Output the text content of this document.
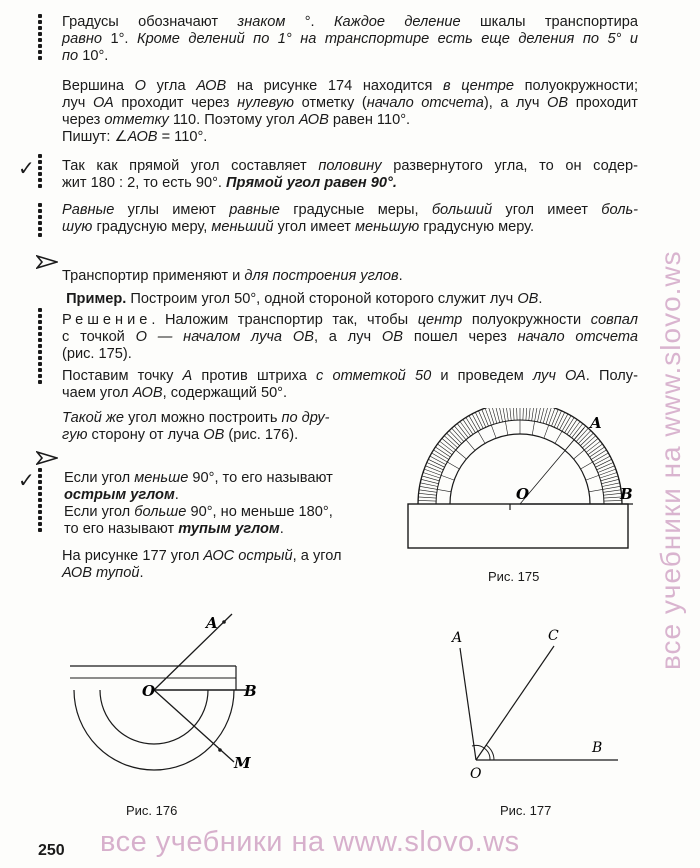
✓
✓
Градусы обозначают знаком °. Каждое деление шкалы транспортира
равно 1°. Кроме делений по 1° на транспортире есть еще деления по 5° и
по 10°.
Вершина О угла АОВ на рисунке 174 находится в центре полуокружности;
луч ОА проходит через нулевую отметку (начало отсчета), а луч ОВ проходит
через отметку 110. Поэтому угол АОВ равен 110°.
Пишут: ∠АОВ = 110°.
Так как прямой угол составляет половину развернутого угла, то он содер-
жит 180 : 2, то есть 90°. Прямой угол равен 90°.
Равные углы имеют равные градусные меры, больший угол имеет боль-
шую градусную меру, меньший угол имеет меньшую градусную меру.
Транспортир применяют и для построения углов.
Пример. Построим угол 50°, одной стороной которого служит луч ОВ.
Решение. Наложим транспортир так, чтобы центр полуокружности совпал
с точкой О — началом луча ОВ, а луч ОВ пошел через начало отсчета
(рис. 175).
Поставим точку А против штриха с отметкой 50 и проведем луч ОА. Полу-
чаем угол АОВ, содержащий 50°.
Такой же угол можно построить по дру-
гую сторону от луча ОВ (рис. 176).
Если угол меньше 90°, то его называют
острым углом.
Если угол больше 90°, но меньше 180°,
то его называют тупым углом.
На рисунке 177 угол АОС острый, а угол
АОВ тупой.
A
O	B
Рис. 175
A
O	B
M
Рис. 176
A	C
O
B
Рис. 177
250
все учебники на www.slovo.ws
все учебники на www.slovo.ws
